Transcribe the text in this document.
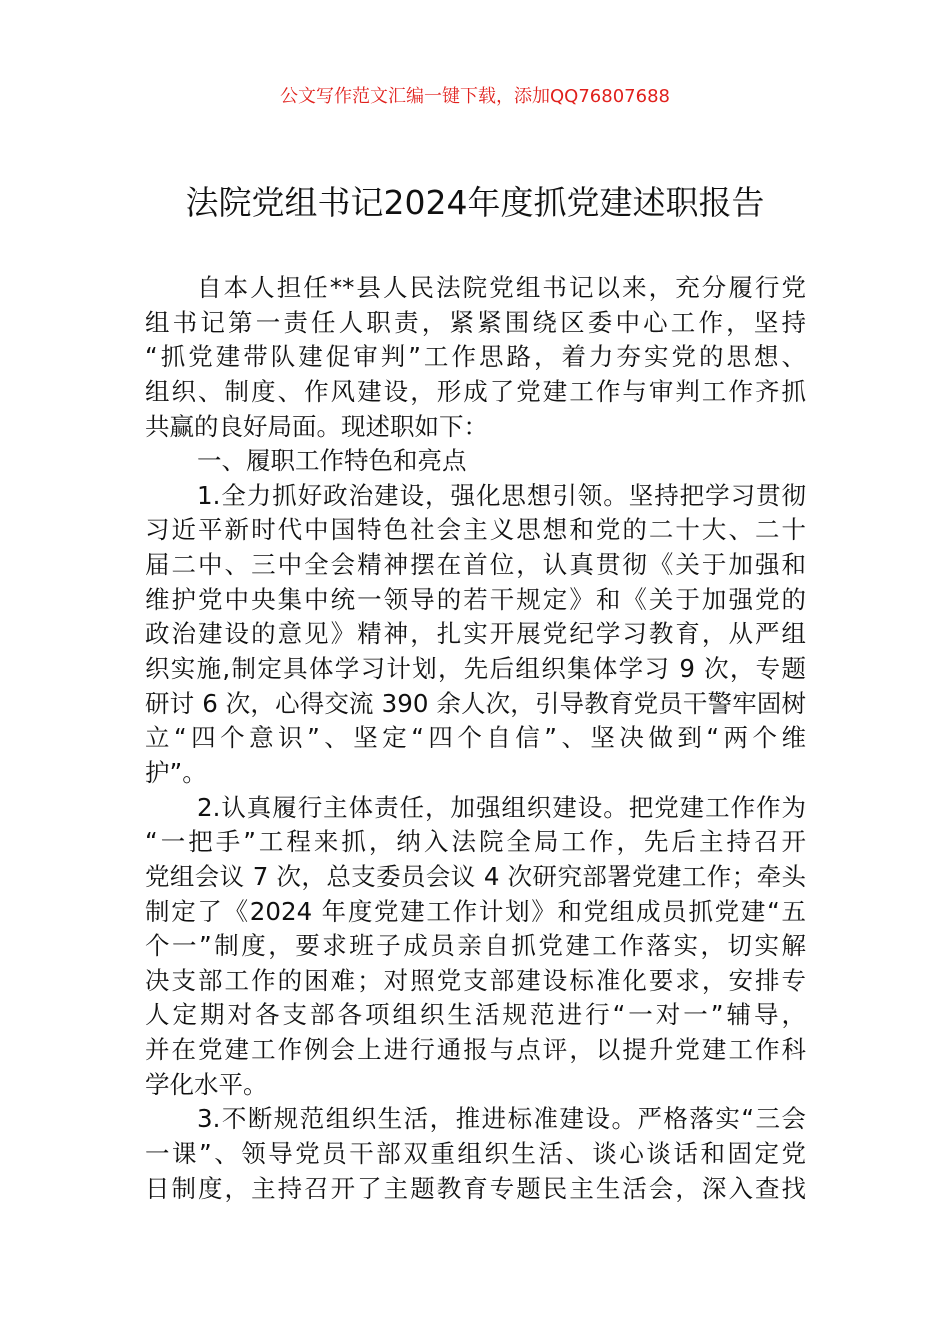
公文写作范文汇编一键下载，添加QQ76807688
法院党组书记2024年度抓党建述职报告
自本人担任**县人民法院党组书记以来，充分履行党
组书记第一责任人职责，紧紧围绕区委中心工作，坚持
“抓党建带队建促审判”工作思路，着力夯实党的思想、
组织、制度、作风建设，形成了党建工作与审判工作齐抓
共赢的良好局面。现述职如下：
一、履职工作特色和亮点
1.全力抓好政治建设，强化思想引领。坚持把学习贯彻
习近平新时代中国特色社会主义思想和党的二十大、二十
届二中、三中全会精神摆在首位，认真贯彻《关于加强和
维护党中央集中统一领导的若干规定》和《关于加强党的
政治建设的意见》精神，扎实开展党纪学习教育，从严组
织实施,制定具体学习计划，先后组织集体学习 9 次，专题
研讨 6 次，心得交流 390 余人次，引导教育党员干警牢固树
立“四个意识”、坚定“四个自信”、坚决做到“两个维
护”。
2.认真履行主体责任，加强组织建设。把党建工作作为
“一把手”工程来抓，纳入法院全局工作，先后主持召开
党组会议 7 次，总支委员会议 4 次研究部署党建工作；牵头
制定了《2024 年度党建工作计划》和党组成员抓党建“五
个一”制度，要求班子成员亲自抓党建工作落实，切实解
决支部工作的困难；对照党支部建设标准化要求，安排专
人定期对各支部各项组织生活规范进行“一对一”辅导，
并在党建工作例会上进行通报与点评，以提升党建工作科
学化水平。
3.不断规范组织生活，推进标准建设。严格落实“三会
一课”、领导党员干部双重组织生活、谈心谈话和固定党
日制度，主持召开了主题教育专题民主生活会，深入查找
